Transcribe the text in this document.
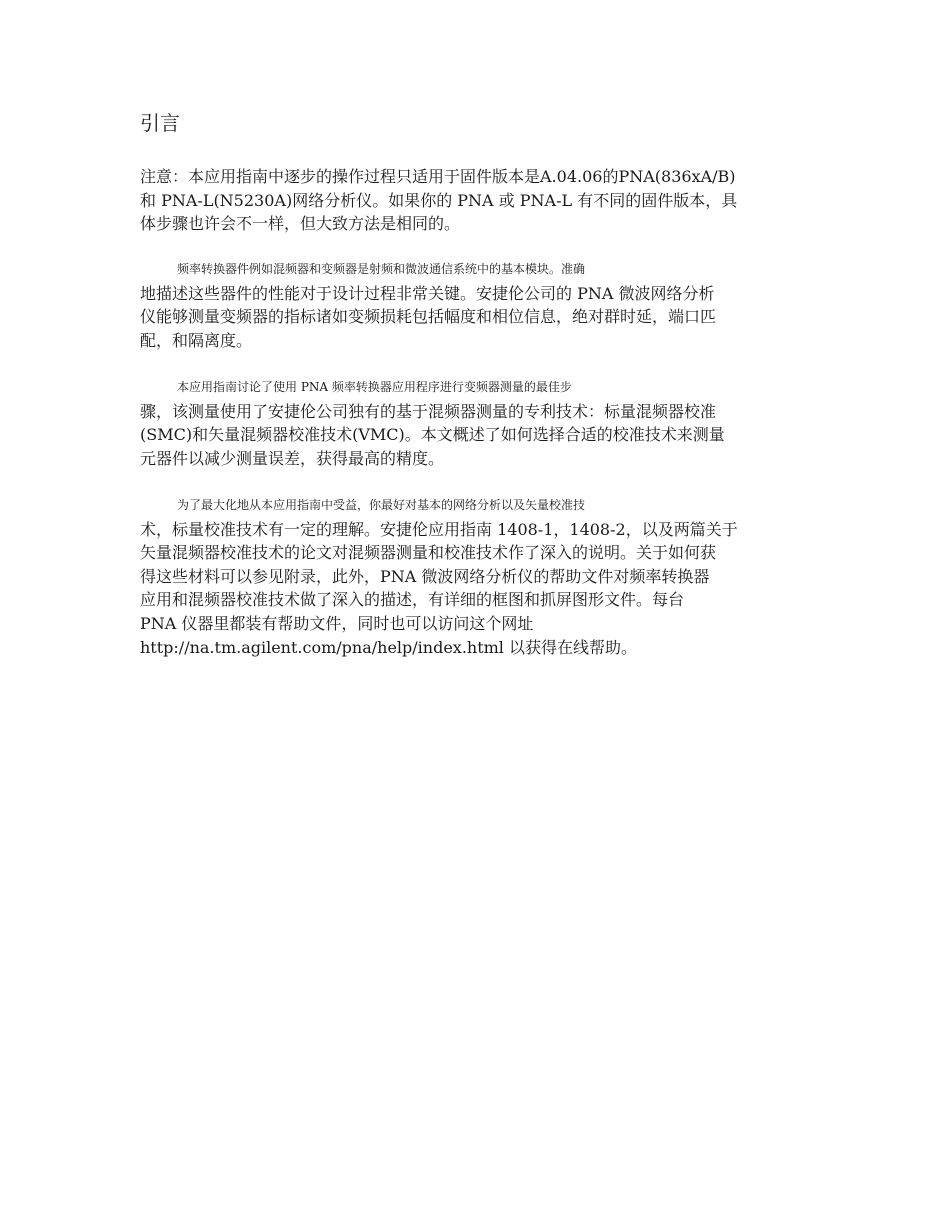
引言
注意：本应用指南中逐步的操作过程只适用于固件版本是A.04.06的PNA(836xA/B)
和 PNA-L(N5230A)网络分析仪。如果你的 PNA 或 PNA-L 有不同的固件版本，具
体步骤也许会不一样，但大致方法是相同的。
频率转换器件例如混频器和变频器是射频和微波通信系统中的基本模块。准确
地描述这些器件的性能对于设计过程非常关键。安捷伦公司的 PNA 微波网络分析
仪能够测量变频器的指标诸如变频损耗包括幅度和相位信息，绝对群时延，端口匹
配，和隔离度。
本应用指南讨论了使用 PNA 频率转换器应用程序进行变频器测量的最佳步
骤，该测量使用了安捷伦公司独有的基于混频器测量的专利技术：标量混频器校准
(SMC)和矢量混频器校准技术(VMC)。本文概述了如何选择合适的校准技术来测量
元器件以减少测量误差，获得最高的精度。
为了最大化地从本应用指南中受益，你最好对基本的网络分析以及矢量校准技
术，标量校准技术有一定的理解。安捷伦应用指南 1408-1，1408-2，以及两篇关于
矢量混频器校准技术的论文对混频器测量和校准技术作了深入的说明。关于如何获
得这些材料可以参见附录，此外，PNA 微波网络分析仪的帮助文件对频率转换器
应用和混频器校准技术做了深入的描述，有详细的框图和抓屏图形文件。每台
PNA 仪器里都装有帮助文件，同时也可以访问这个网址
http://na.tm.agilent.com/pna/help/index.html 以获得在线帮助。
